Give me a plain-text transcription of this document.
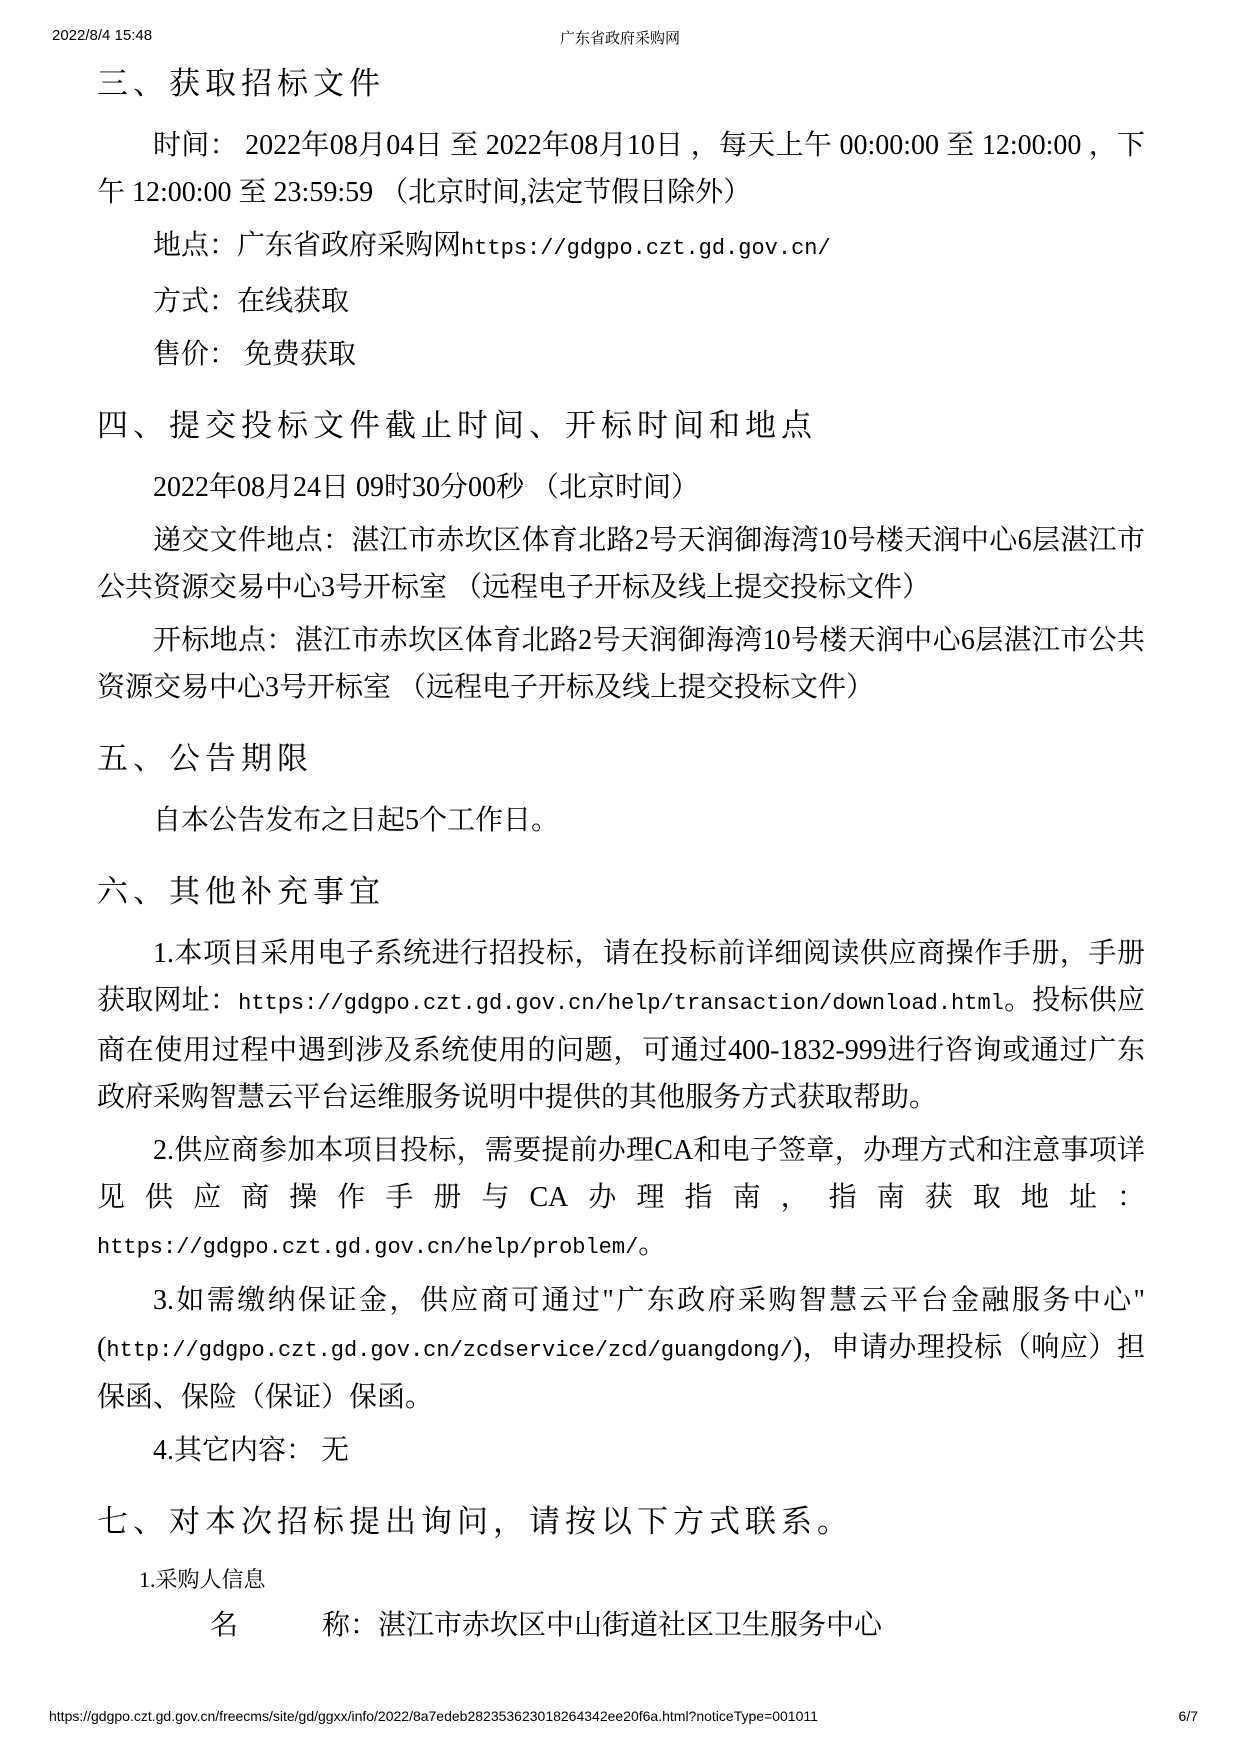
2022/8/4 15:48	广东省政府采购网
三、获取招标文件

时间： 2022年08月04日 至 2022年08月10日 ，每天上午 00:00:00 至 12:00:00 ，下午 12:00:00 至 23:59:59 （北京时间,法定节假日除外）

地点：广东省政府采购网https://gdgpo.czt.gd.gov.cn/

方式：在线获取

售价： 免费获取

四、提交投标文件截止时间、开标时间和地点

2022年08月24日 09时30分00秒 （北京时间）

递交文件地点：湛江市赤坎区体育北路2号天润御海湾10号楼天润中心6层湛江市公共资源交易中心3号开标室 （远程电子开标及线上提交投标文件）

开标地点：湛江市赤坎区体育北路2号天润御海湾10号楼天润中心6层湛江市公共资源交易中心3号开标室 （远程电子开标及线上提交投标文件）

五、公告期限

自本公告发布之日起5个工作日。

六、其他补充事宜

1.本项目采用电子系统进行招投标，请在投标前详细阅读供应商操作手册，手册获取网址：https://gdgpo.czt.gd.gov.cn/help/transaction/download.html。投标供应商在使用过程中遇到涉及系统使用的问题，可通过400-1832-999进行咨询或通过广东政府采购智慧云平台运维服务说明中提供的其他服务方式获取帮助。

2.供应商参加本项目投标，需要提前办理CA和电子签章，办理方式和注意事项详见供应商操作手册与CA办理指南，指南获取地址：https://gdgpo.czt.gd.gov.cn/help/problem/。

3.如需缴纳保证金，供应商可通过"广东政府采购智慧云平台金融服务中心"(http://gdgpo.czt.gd.gov.cn/zcdservice/zcd/guangdong/)，申请办理投标（响应）担保函、保险（保证）保函。

4.其它内容： 无

七、对本次招标提出询问，请按以下方式联系。

1.采购人信息

名	称：湛江市赤坎区中山街道社区卫生服务中心

https://gdgpo.czt.gd.gov.cn/freecms/site/gd/ggxx/info/2022/8a7edeb282353623018264342ee20f6a.html?noticeType=001011	6/7
